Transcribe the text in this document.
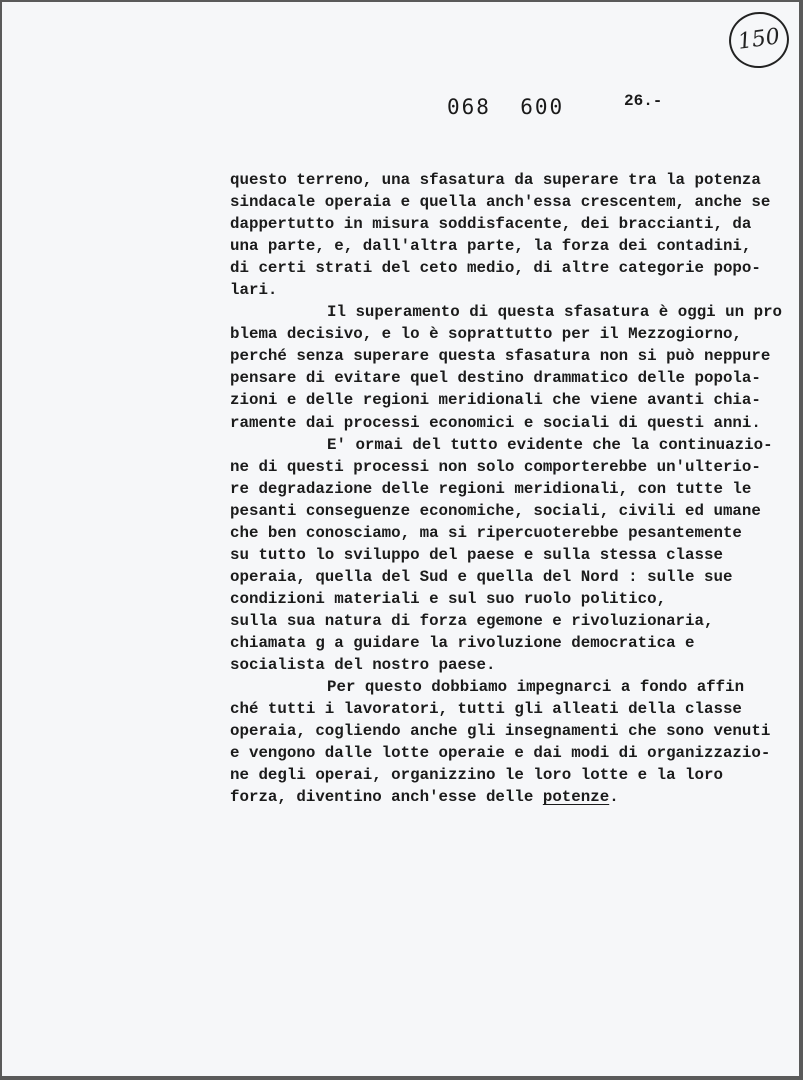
150
068  600	26.-
questo terreno, una sfasatura da superare tra la potenza
sindacale operaia e quella anch'essa crescentem, anche se
dappertutto in misura soddisfacente, dei braccianti, da
una parte, e, dall'altra parte, la forza dei contadini,
di certi strati del ceto medio, di altre categorie popo-
lari.
Il superamento di questa sfasatura è oggi un pro
blema decisivo, e lo è soprattutto per il Mezzogiorno,
perché senza superare questa sfasatura non si può neppure
pensare di evitare quel destino drammatico delle popola-
zioni e delle regioni meridionali che viene avanti chia-
ramente dai processi economici e sociali di questi anni.
E' ormai del tutto evidente che la continuazio-
ne di questi processi non solo comporterebbe un'ulterio-
re degradazione delle regioni meridionali, con tutte le
pesanti conseguenze economiche, sociali, civili ed umane
che ben conosciamo, ma si ripercuoterebbe pesantemente
su tutto lo sviluppo del paese e sulla stessa classe
operaia, quella del Sud e quella del Nord : sulle sue
condizioni materiali e sul suo ruolo politico,
sulla sua natura di forza egemone e rivoluzionaria,
chiamata g a guidare la rivoluzione democratica e
socialista del nostro paese.
Per questo dobbiamo impegnarci a fondo affin
ché tutti i lavoratori, tutti gli alleati della classe
operaia, cogliendo anche gli insegnamenti che sono venuti
e vengono dalle lotte operaie e dai modi di organizzazio-
ne degli operai, organizzino le loro lotte e la loro
forza, diventino anch'esse delle potenze.
